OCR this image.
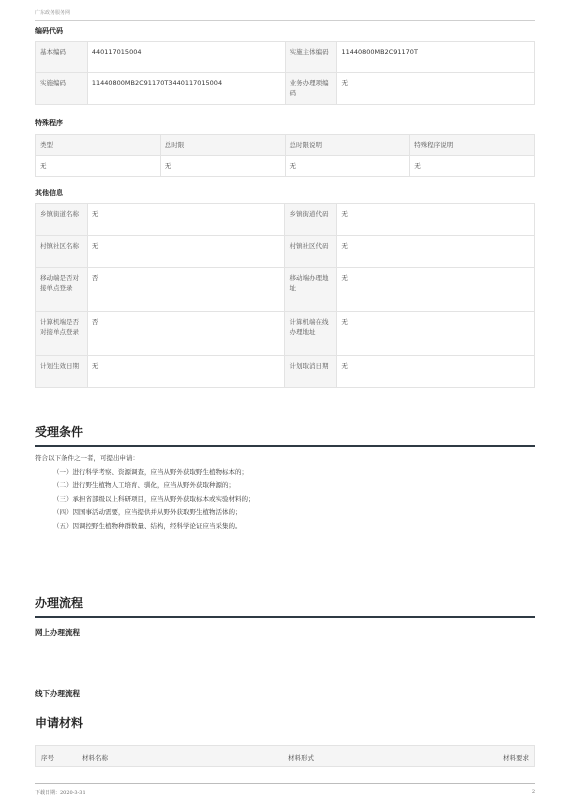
广东政务服务网
编码代码
基本编码	440117015004	实施主体编码	11440800MB2C91170T
实施编码	11440800MB2C91170T3440117015004	业务办理项编码	无
特殊程序
类型	总时限	总时限说明	特殊程序说明
无	无	无	无
其他信息
乡镇街道名称	无	乡镇街道代码	无
村镇社区名称	无	村镇社区代码	无
移动端是否对接单点登录	否	移动端办理地址	无
计算机端是否对接单点登录	否	计算机端在线办理地址	无
计划生效日期	无	计划取消日期	无
受理条件
符合以下条件之一者，可提出申请：
（一）进行科学考察、资源调查，应当从野外获取野生植物标本的；
（二）进行野生植物人工培育、驯化，应当从野外获取种源的；
（三）承担省部级以上科研项目，应当从野外获取标本或实验材料的；
（四）因国事活动需要，应当提供并从野外获取野生植物活体的；
（五）因调控野生植物种群数量、结构，经科学论证应当采集的。
办理流程
网上办理流程
线下办理流程
申请材料
序号	材料名称	材料形式	材料要求
下载日期：2020-3-31	2
